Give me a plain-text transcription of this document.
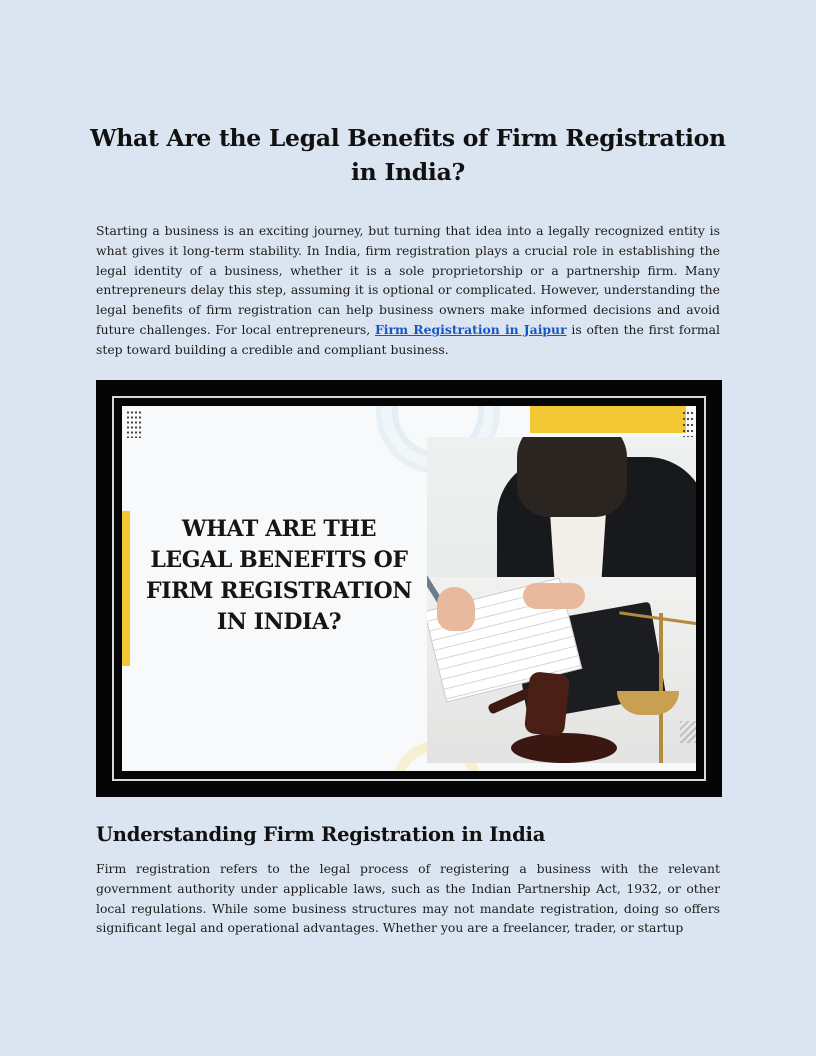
What Are the Legal Benefits of Firm Registration in India?

Starting a business is an exciting journey, but turning that idea into a legally recognized entity is what gives it long-term stability. In India, firm registration plays a crucial role in establishing the legal identity of a business, whether it is a sole proprietorship or a partnership firm. Many entrepreneurs delay this step, assuming it is optional or complicated. However, understanding the legal benefits of firm registration can help business owners make informed decisions and avoid future challenges. For local entrepreneurs, Firm Registration in Jaipur is often the first formal step toward building a credible and compliant business.

WHAT ARE THE LEGAL BENEFITS OF FIRM REGISTRATION IN INDIA?
Understanding Firm Registration in India

Firm registration refers to the legal process of registering a business with the relevant government authority under applicable laws, such as the Indian Partnership Act, 1932, or other local regulations. While some business structures may not mandate registration, doing so offers significant legal and operational advantages. Whether you are a freelancer, trader, or startup
